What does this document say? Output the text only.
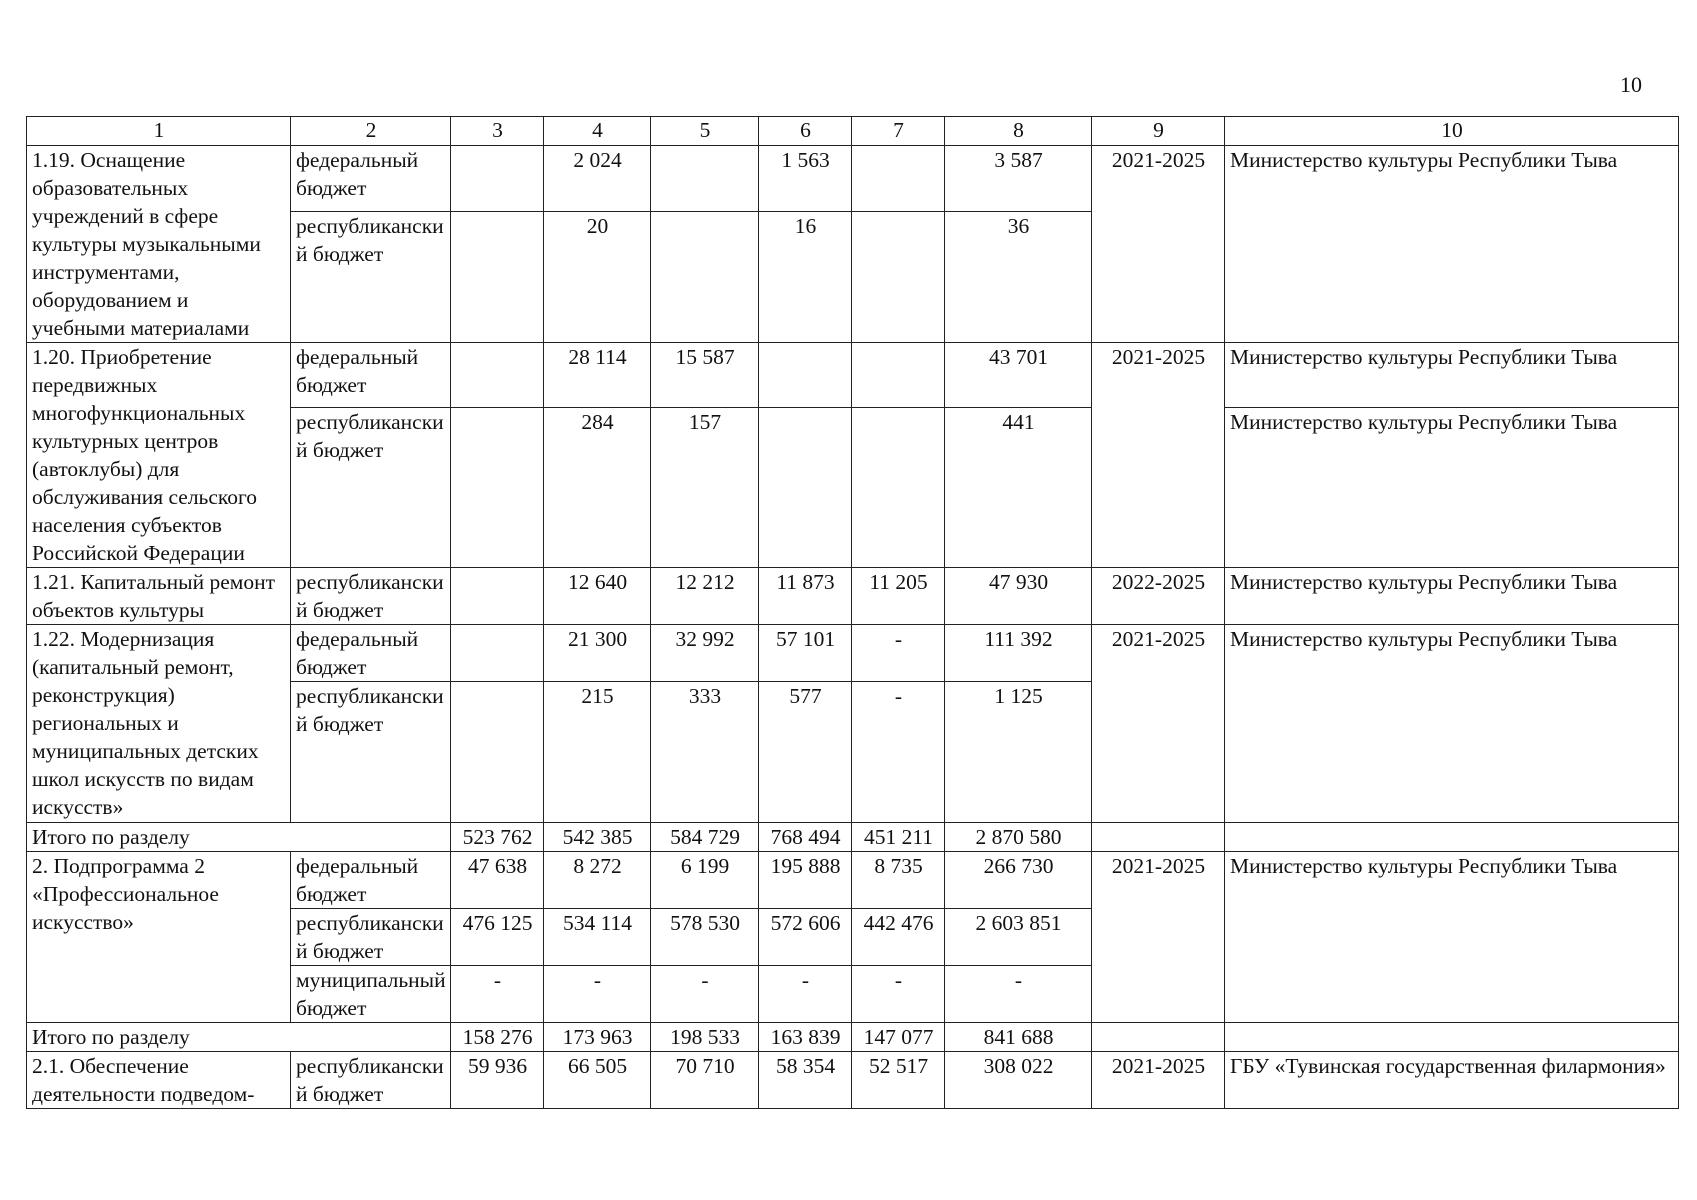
10
1	2	3	4	5	6	7	8	9	10
1.19. Оснащение образовательных учреждений в сфере культуры музыкальными инструментами, оборудованием и учебными материалами	федеральный бюджет		2 024		1 563		3 587	2021-2025	Министерство культуры Республики Тыва
	республиканский бюджет		20		16		36		
1.20. Приобретение передвижных многофункциональных культурных центров (автоклубы) для обслуживания сельского населения субъектов Российской Федерации	федеральный бюджет		28 114	15 587			43 701	2021-2025	Министерство культуры Республики Тыва
	республиканский бюджет		284	157			441		Министерство культуры Республики Тыва
1.21. Капитальный ремонт объектов культуры	республиканский бюджет		12 640	12 212	11 873	11 205	47 930	2022-2025	Министерство культуры Республики Тыва
1.22. Модернизация (капитальный ремонт, реконструкция) региональных и муниципальных детских школ искусств по видам искусств»	федеральный бюджет		21 300	32 992	57 101	-	111 392	2021-2025	Министерство культуры Республики Тыва
	республиканский бюджет		215	333	577	-	1 125		
Итого по разделу		523 762	542 385	584 729	768 494	451 211	2 870 580		
2. Подпрограмма 2 «Профессиональное искусство»	федеральный бюджет	47 638	8 272	6 199	195 888	8 735	266 730	2021-2025	Министерство культуры Республики Тыва
	республиканский бюджет	476 125	534 114	578 530	572 606	442 476	2 603 851		
	муниципальный бюджет	-	-	-	-	-	-		
Итого по разделу		158 276	173 963	198 533	163 839	147 077	841 688		
2.1. Обеспечение деятельности подведом-	республиканский бюджет	59 936	66 505	70 710	58 354	52 517	308 022	2021-2025	ГБУ «Тувинская государственная филармония»
